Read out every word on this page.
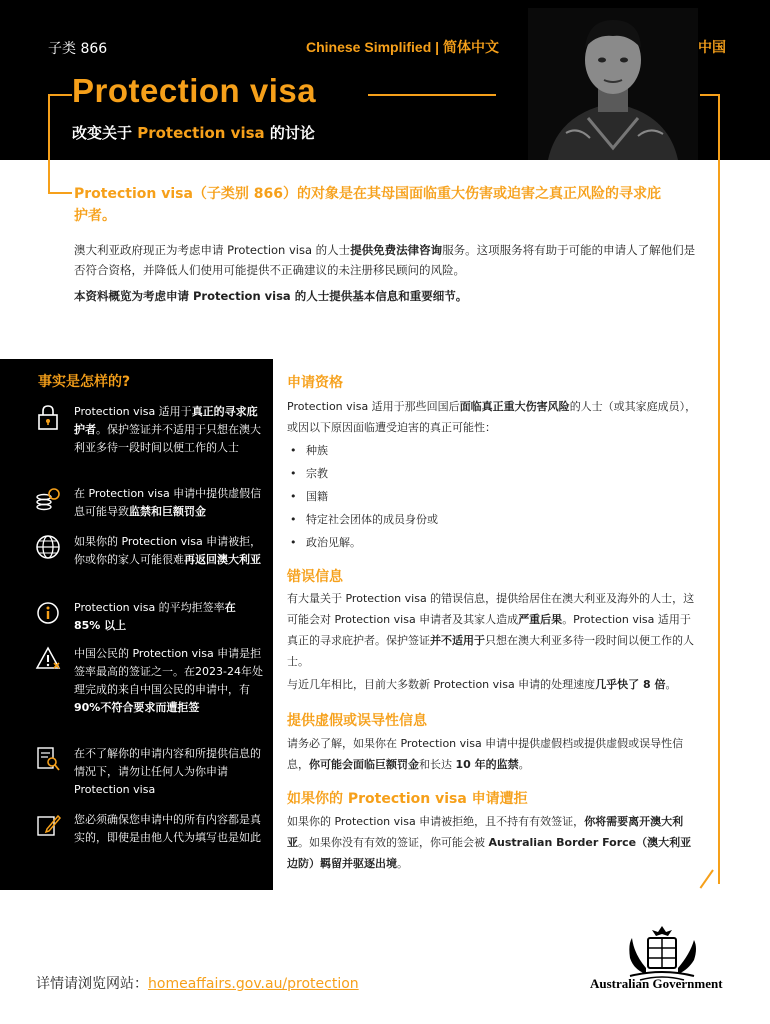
子类 866	Chinese Simplified | 简体中文	中国
Protection visa
改变关于 Protection visa 的讨论
Protection visa（子类别 866）的对象是在其母国面临重大伤害或迫害之真正风险的寻求庇护者。
澳大利亚政府现正为考虑申请 Protection visa 的人士提供免费法律咨询服务。这项服务将有助于可能的申请人了解他们是否符合资格，并降低人们使用可能提供不正确建议的未注册移民顾问的风险。
本资料概览为考虑申请 Protection visa 的人士提供基本信息和重要细节。
事实是怎样的?
Protection visa 适用于真正的寻求庇护者。保护签证并不适用于只想在澳大利亚多待一段时间以便工作的人士
在 Protection visa 申请中提供虚假信息可能导致监禁和巨额罚金
如果你的 Protection visa 申请被拒，你或你的家人可能很难再返回澳大利亚
Protection visa 的平均拒签率在 85% 以上
中国公民的 Protection visa 申请是拒签率最高的签证之一。在2023-24年处理完成的来自中国公民的申请中，有90%不符合要求而遭拒签
在不了解你的申请内容和所提供信息的情况下，请勿让任何人为你申请 Protection visa
您必须确保您申请中的所有内容都是真实的，即使是由他人代为填写也是如此
申请资格
Protection visa 适用于那些回国后面临真正重大伤害风险的人士（或其家庭成员），或因以下原因面临遭受迫害的真正可能性：
• 种族
• 宗教
• 国籍
• 特定社会团体的成员身份或
• 政治见解。
错误信息
有大量关于 Protection visa 的错误信息，提供给居住在澳大利亚及海外的人士，这可能会对 Protection visa 申请者及其家人造成严重后果。Protection visa 适用于真正的寻求庇护者。保护签证并不适用于只想在澳大利亚多待一段时间以便工作的人士。
与近几年相比，目前大多数新 Protection visa 申请的处理速度几乎快了 8 倍。
提供虚假或误导性信息
请务必了解，如果你在 Protection visa 申请中提供虚假档或提供虚假或误导性信息，你可能会面临巨额罚金和长达 10 年的监禁。
如果你的 Protection visa 申请遭拒
如果你的 Protection visa 申请被拒绝，且不持有有效签证，你将需要离开澳大利亚。如果你没有有效的签证，你可能会被 Australian Border Force（澳大利亚边防）羁留并驱逐出境。
详情请浏览网站：homeaffairs.gov.au/protection	Australian Government
